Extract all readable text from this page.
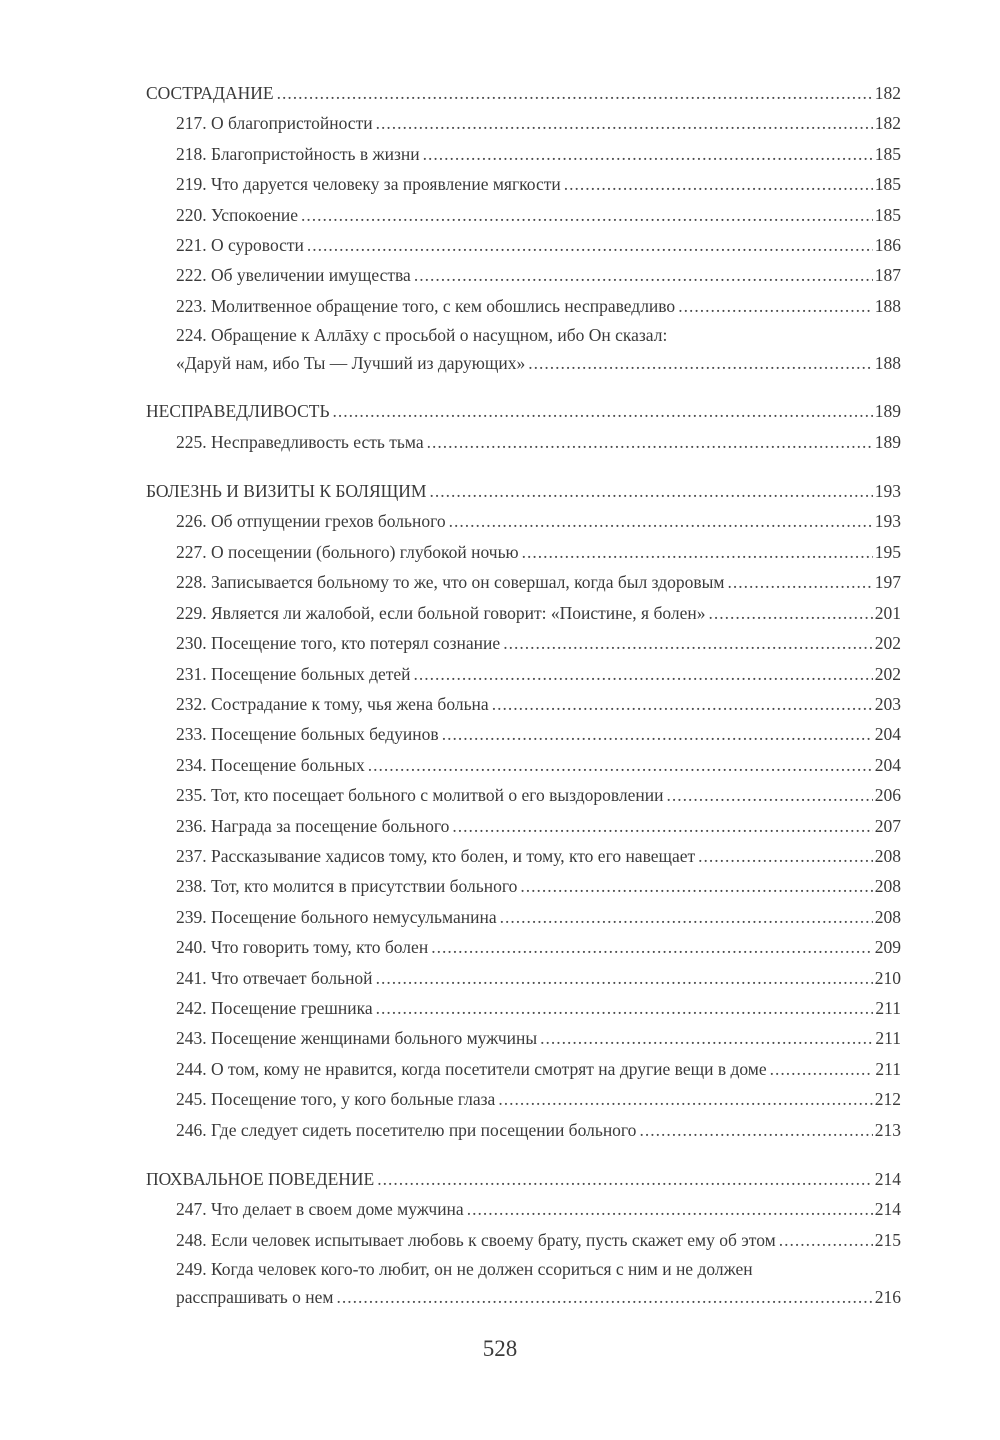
СОСТРАДАНИЕ .....	182
217. О благопристойности .....	182
218. Благопристойность в жизни .....	185
219. Что даруется человеку за проявление мягкости .....	185
220. Успокоение .....	185
221. О суровости .....	186
222. Об увеличении имущества .....	187
223. Молитвенное обращение того, с кем обошлись несправедливо .....	188
224. Обращение к Аллāху с просьбой о насущном, ибо Он сказал:
«Даруй нам, ибо Ты — Лучший из дарующих» .....	188
НЕСПРАВЕДЛИВОСТЬ .....	189
225. Несправедливость есть тьма .....	189
БОЛЕЗНЬ И ВИЗИТЫ К БОЛЯЩИМ .....	193
226. Об отпущении грехов больного .....	193
227. О посещении (больного) глубокой ночью .....	195
228. Записывается больному то же, что он совершал, когда был здоровым .....	197
229. Является ли жалобой, если больной говорит: «Поистине, я болен» .....	201
230. Посещение того, кто потерял сознание .....	202
231. Посещение больных детей .....	202
232. Сострадание к тому, чья жена больна .....	203
233. Посещение больных бедуинов .....	204
234. Посещение больных .....	204
235. Тот, кто посещает больного с молитвой о его выздоровлении .....	206
236. Награда за посещение больного .....	207
237. Рассказывание хадисов тому, кто болен, и тому, кто его навещает .....	208
238. Тот, кто молится в присутствии больного .....	208
239. Посещение больного немусульманина .....	208
240. Что говорить тому, кто болен .....	209
241. Что отвечает больной .....	210
242. Посещение грешника .....	211
243. Посещение женщинами больного мужчины .....	211
244. О том, кому не нравится, когда посетители смотрят на другие вещи в доме .....	211
245. Посещение того, у кого больные глаза .....	212
246. Где следует сидеть посетителю при посещении больного .....	213
ПОХВАЛЬНОЕ ПОВЕДЕНИЕ .....	214
247. Что делает в своем доме мужчина .....	214
248. Если человек испытывает любовь к своему брату, пусть скажет ему об этом .....	215
249. Когда человек кого-то любит, он не должен ссориться с ним и не должен
расспрашивать о нем .....	216
528
